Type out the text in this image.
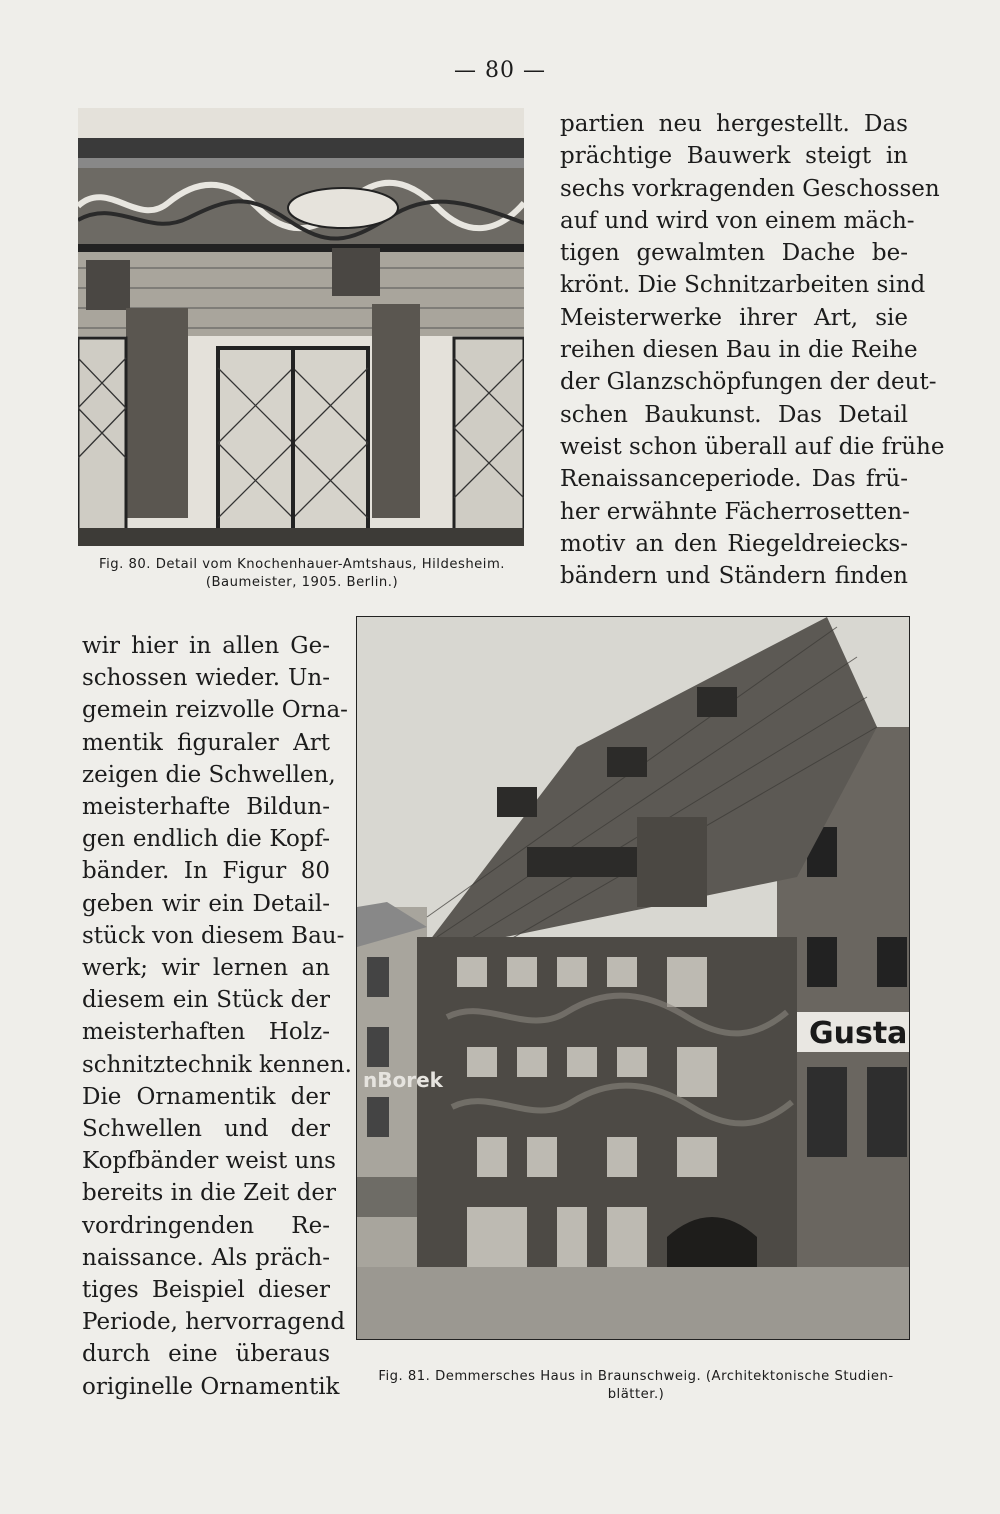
— 80 —
Fig. 80. Detail vom Knochenhauer-Amtshaus, Hildesheim.
(Baumeister, 1905. Berlin.)
partien neu hergestellt. Das
prächtige Bauwerk steigt in
sechs vorkragenden Geschossen
auf und wird von einem mäch-
tigen gewalmten Dache be-
krönt. Die Schnitzarbeiten sind
Meisterwerke ihrer Art, sie
reihen diesen Bau in die Reihe
der Glanzschöpfungen der deut-
schen Baukunst. Das Detail
weist schon überall auf die frühe
Renaissanceperiode. Das frü-
her erwähnte Fächerrosetten-
motiv an den Riegeldreiecks-
bändern und Ständern finden
wir hier in allen Ge-
schossen wieder. Un-
gemein reizvolle Orna-
mentik figuraler Art
zeigen die Schwellen,
meisterhafte Bildun-
gen endlich die Kopf-
bänder. In Figur 80
geben wir ein Detail-
stück von diesem Bau-
werk; wir lernen an
diesem ein Stück der
meisterhaften Holz-
schnitztechnik kennen.
Die Ornamentik der
Schwellen und der
Kopfbänder weist uns
bereits in die Zeit der
vordringenden Re-
naissance. Als präch-
tiges Beispiel dieser
Periode, hervorragend
durch eine überaus
originelle Ornamentik
Gusta
nBorek
Fig. 81. Demmersches Haus in Braunschweig. (Architektonische Studien-
blätter.)
